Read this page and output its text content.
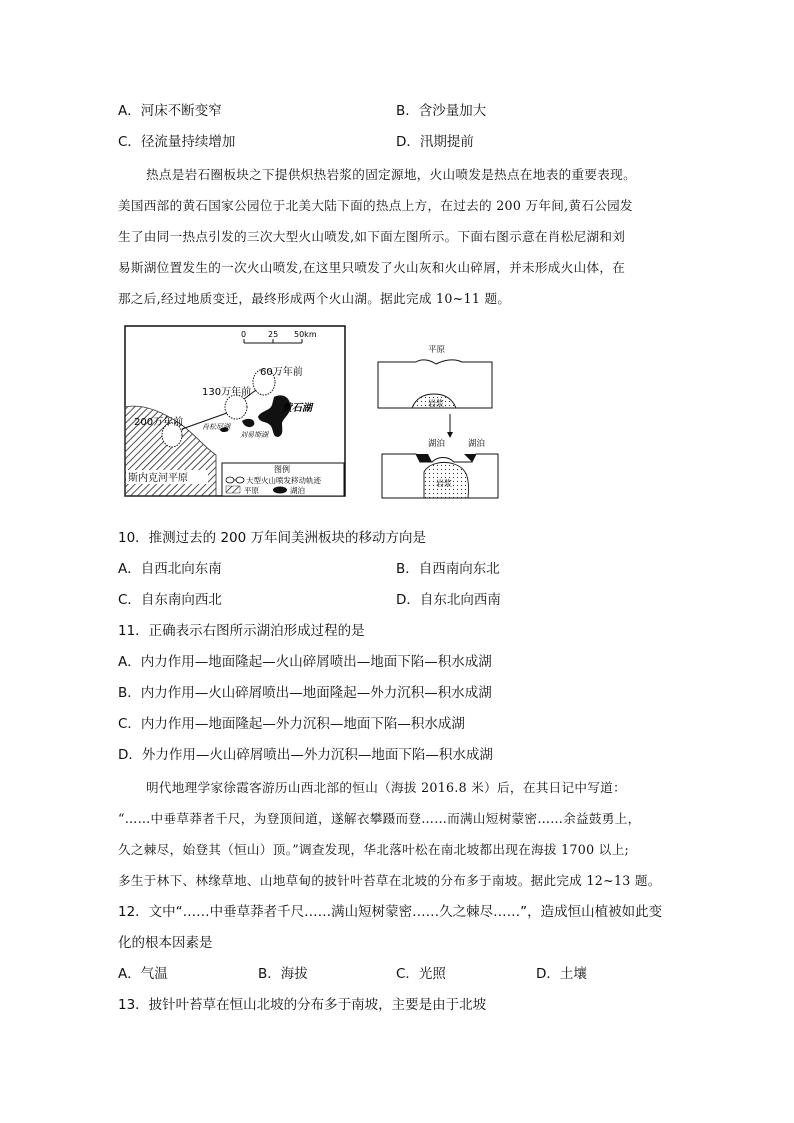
A．河床不断变窄	B．含沙量加大
C．径流量持续增加	D．汛期提前
热点是岩石圈板块之下提供炽热岩浆的固定源地，火山喷发是热点在地表的重要表现。
美国西部的黄石国家公园位于北美大陆下面的热点上方，在过去的 200 万年间,黄石公园发
生了由同一热点引发的三次大型火山喷发,如下面左图所示。下面右图示意在肖松尼湖和刘
易斯湖位置发生的一次火山喷发,在这里只喷发了火山灰和火山碎屑，并未形成火山体，在
那之后,经过地质变迁，最终形成两个火山湖。据此完成 10~11 题。
斯内克河平原
0	25 50km
60万年前
130万年前
200万年前
黄石湖
肖松尼湖
刘易斯湖
图例
大型火山喷发移动轨迹
平原	湖泊
平原
岩浆
湖泊	湖泊
岩浆
10．推测过去的 200 万年间美洲板块的移动方向是
A．自西北向东南	B．自西南向东北
C．自东南向西北	D．自东北向西南
11．正确表示右图所示湖泊形成过程的是
A．内力作用—地面隆起—火山碎屑喷出—地面下陷—积水成湖
B．内力作用—火山碎屑喷出—地面隆起—外力沉积—积水成湖
C．内力作用—地面隆起—外力沉积—地面下陷—积水成湖
D．外力作用—火山碎屑喷出—外力沉积—地面下陷—积水成湖
明代地理学家徐霞客游历山西北部的恒山（海拔 2016.8 米）后，在其日记中写道：
“……中垂草莽者千尺，为登顶间道，遂解衣攀蹑而登……而满山短树蒙密……余益鼓勇上，
久之棘尽，始登其（恒山）顶。”调查发现，华北落叶松在南北坡都出现在海拔 1700 以上;
多生于林下、林缘草地、山地草甸的披针叶苔草在北坡的分布多于南坡。据此完成 12~13 题。
12．文中“……中垂草莽者千尺……满山短树蒙密……久之棘尽……”，造成恒山植被如此变
化的根本因素是
A．气温	B．海拔	C．光照	D．土壤
13．披针叶苔草在恒山北坡的分布多于南坡，主要是由于北坡
